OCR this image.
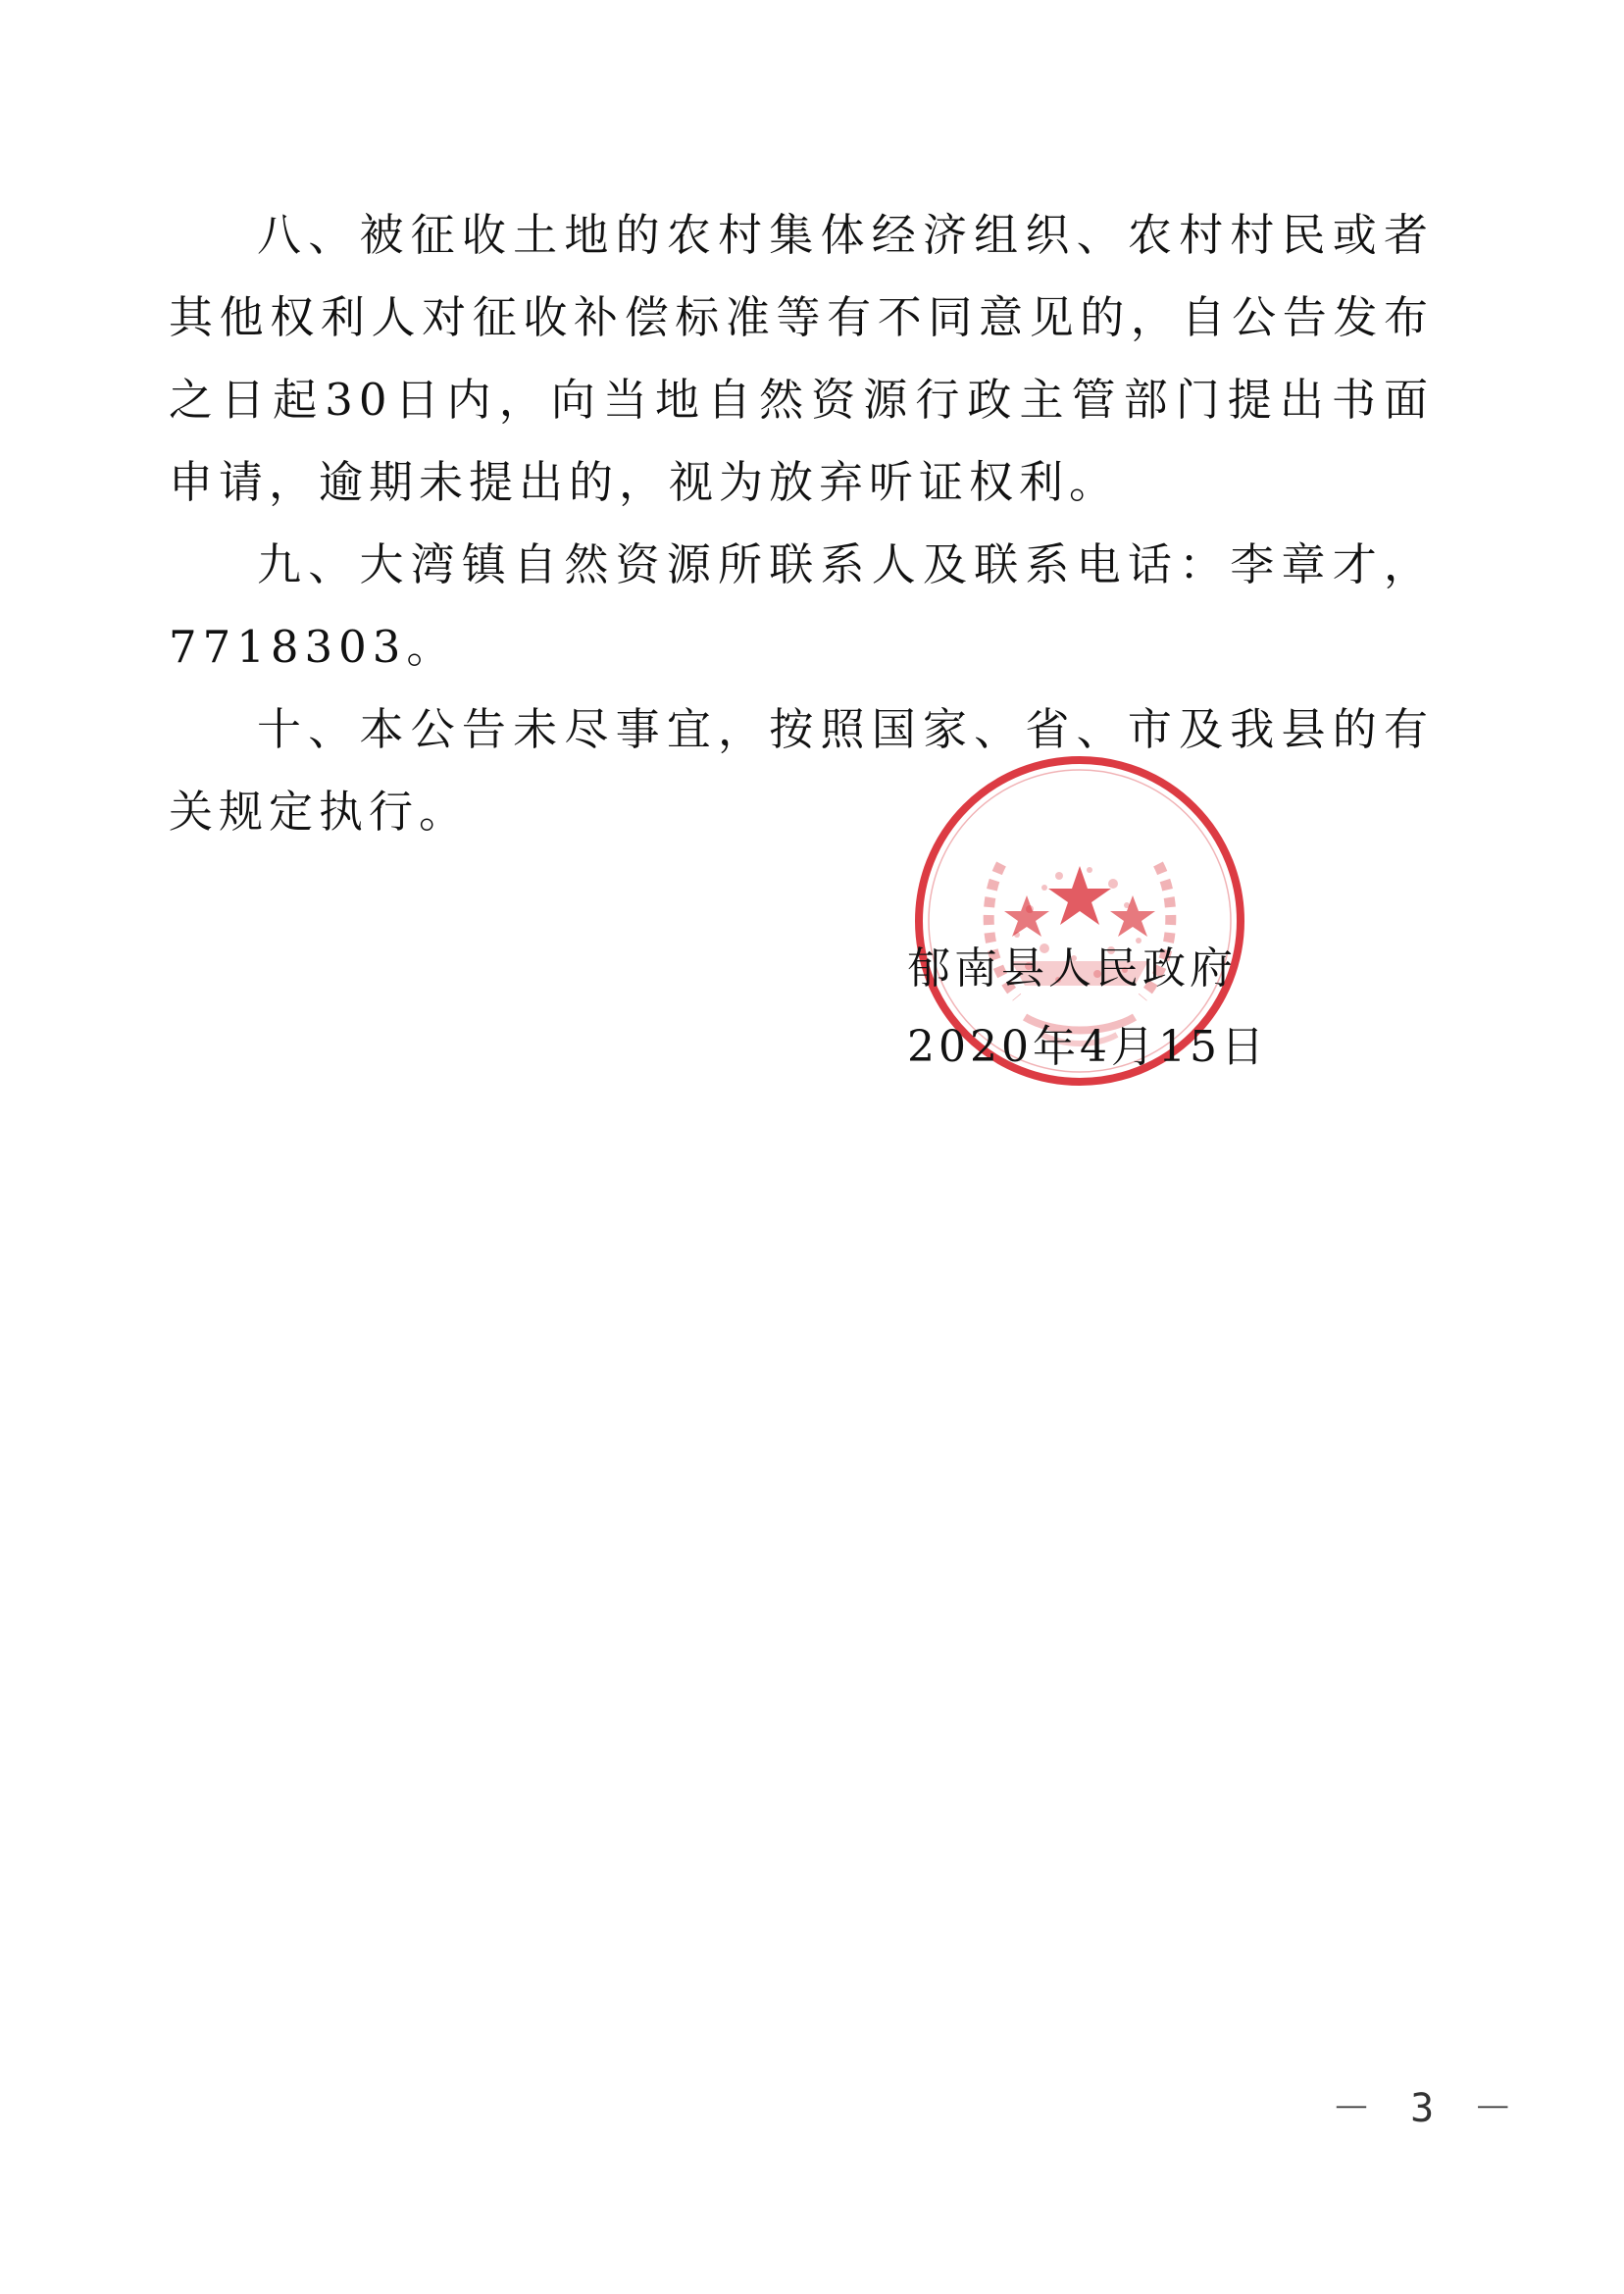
八、被征收土地的农村集体经济组织、农村村民或者其他权利人对征收补偿标准等有不同意见的，自公告发布之日起30日内，向当地自然资源行政主管部门提出书面申请，逾期未提出的，视为放弃听证权利。

九、大湾镇自然资源所联系人及联系电话：李章才，7718303。

十、本公告未尽事宜，按照国家、省、市及我县的有关规定执行。

郁南县人民政府
2020年4月15日
－ 3 －
